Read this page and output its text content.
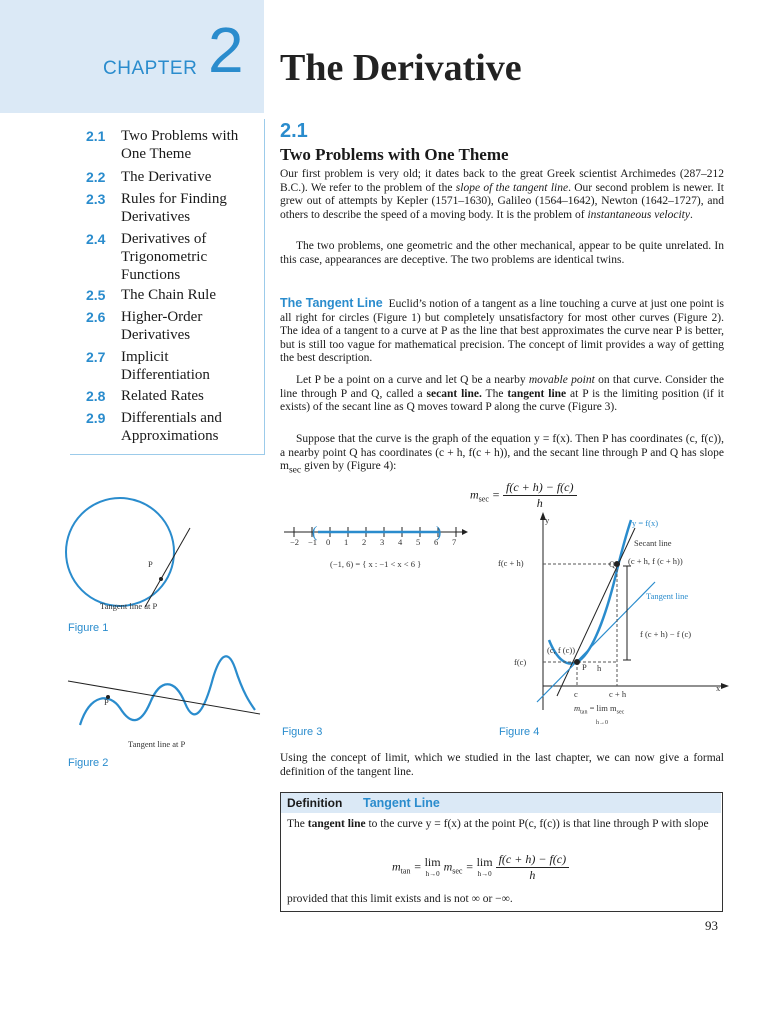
CHAPTER 2 The Derivative
2.1 Two Problems with One Theme
2.2 The Derivative
2.3 Rules for Finding Derivatives
2.4 Derivatives of Trigonometric Functions
2.5 The Chain Rule
2.6 Higher-Order Derivatives
2.7 Implicit Differentiation
2.8 Related Rates
2.9 Differentials and Approximations
2.1
Two Problems with One Theme
Our first problem is very old; it dates back to the great Greek scientist Archimedes (287–212 B.C.). We refer to the problem of the slope of the tangent line. Our second problem is newer. It grew out of attempts by Kepler (1571–1630), Galileo (1564–1642), Newton (1642–1727), and others to describe the speed of a moving body. It is the problem of instantaneous velocity.
The two problems, one geometric and the other mechanical, appear to be quite unrelated. In this case, appearances are deceptive. The two problems are identical twins.
The Tangent Line Euclid’s notion of a tangent as a line touching a curve at just one point is all right for circles (Figure 1) but completely unsatisfactory for most other curves (Figure 2). The idea of a tangent to a curve at P as the line that best approximates the curve near P is better, but is still too vague for mathematical precision. The concept of limit provides a way of getting the best description.
Let P be a point on a curve and let Q be a nearby movable point on that curve. Consider the line through P and Q, called a secant line. The tangent line at P is the limiting position (if it exists) of the secant line as Q moves toward P along the curve (Figure 3).
Suppose that the curve is the graph of the equation y = f(x). Then P has coordinates (c, f(c)), a nearby point Q has coordinates (c + h, f(c + h)), and the secant line through P and Q has slope $m_{sec}$ given by (Figure 4):
$m_{sec} = \frac{f(c + h) - f(c)}{h}$
P
Tangent line at P
Figure 1
P
Tangent line at P
Figure 2
(	)
−2 −1 0 1 2 3 4 5 6 7
(−1, 6) = { x : −1 < x < 6 }
Figure 3
y
x
y = f(x)
Secant line
(c + h, f (c + h))
Tangent line
f (c + h) − f (c)
f(c + h)
f(c)
(c, f (c))
Q
P h
c	c + h
$m_{tan} = \lim m_{sec}$
h→0
Figure 4
Using the concept of limit, which we studied in the last chapter, we can now give a formal definition of the tangent line.
Definition Tangent Line
The tangent line to the curve y = f(x) at the point P(c, f(c)) is that line through P with slope
$m_{tan} = \lim$
h→0 $m_{sec} = \lim$
$h\to 0 \frac{f(c + h) - f(c)}{h}$
provided that this limit exists and is not ∞ or −∞.
93
